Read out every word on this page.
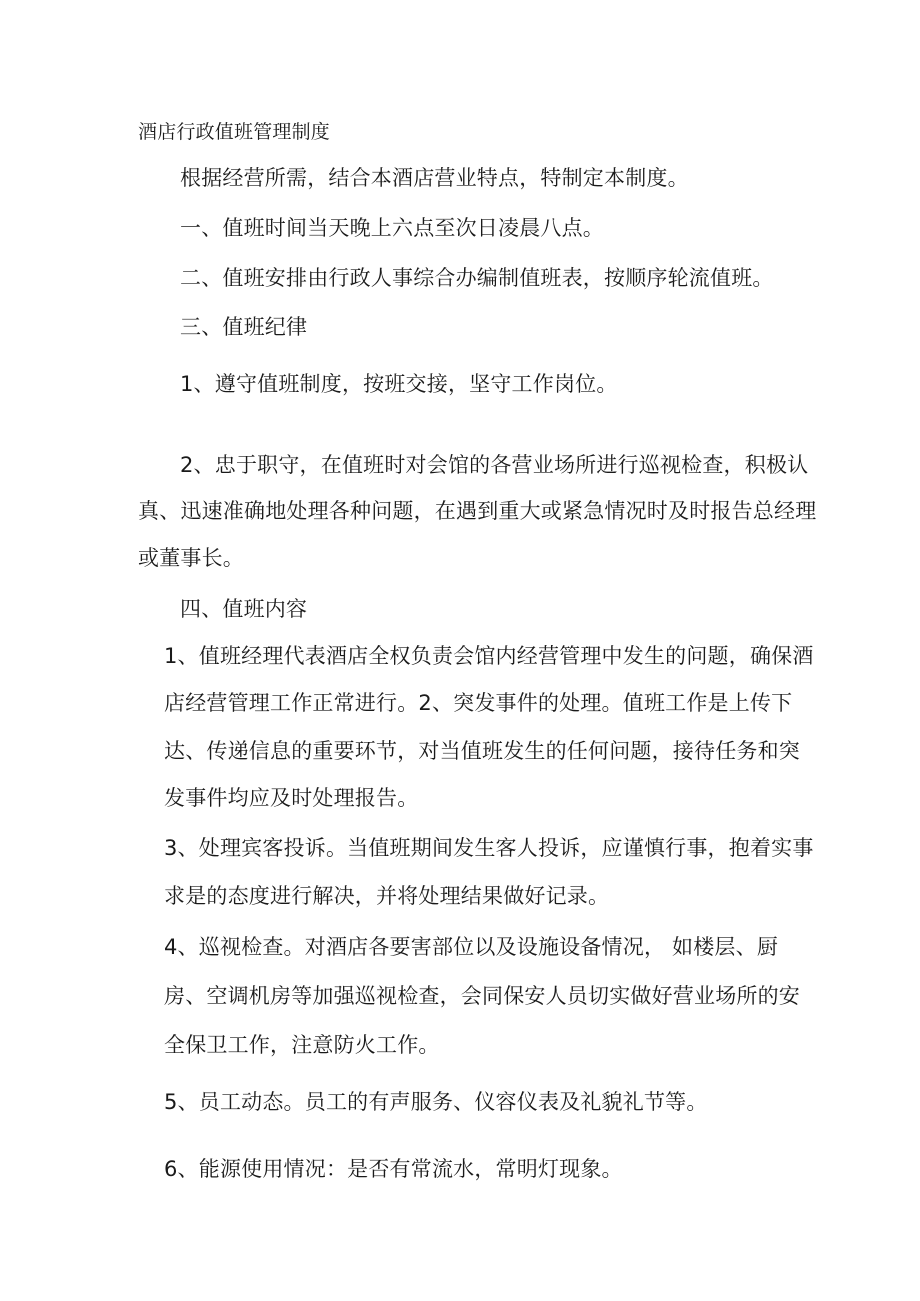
酒店行政值班管理制度
根据经营所需，结合本酒店营业特点，特制定本制度。
一、值班时间当天晚上六点至次日凌晨八点。
二、值班安排由行政人事综合办编制值班表，按顺序轮流值班。
三、值班纪律
1、遵守值班制度，按班交接，坚守工作岗位。
2、忠于职守，在值班时对会馆的各营业场所进行巡视检查，积极认
真、迅速准确地处理各种问题，在遇到重大或紧急情况时及时报告总经理
或董事长。
四、值班内容
1、值班经理代表酒店全权负责会馆内经营管理中发生的问题，确保酒
店经营管理工作正常进行。2、突发事件的处理。值班工作是上传下
达、传递信息的重要环节，对当值班发生的任何问题，接待任务和突
发事件均应及时处理报告。
3、处理宾客投诉。当值班期间发生客人投诉，应谨慎行事，抱着实事
求是的态度进行解决，并将处理结果做好记录。
4、巡视检查。对酒店各要害部位以及设施设备情况， 如楼层、厨
房、空调机房等加强巡视检查，会同保安人员切实做好营业场所的安
全保卫工作，注意防火工作。
5、员工动态。员工的有声服务、仪容仪表及礼貌礼节等。
6、能源使用情况：是否有常流水，常明灯现象。
